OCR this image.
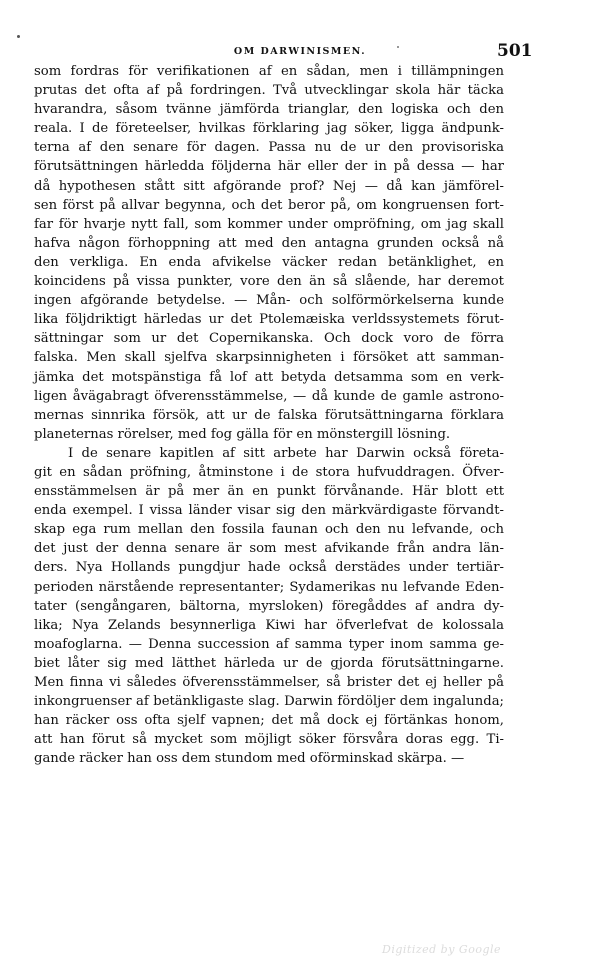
OM DARWINISMEN.	501
som fordras för verifikationen af en sådan, men i tillämpningen
prutas det ofta af på fordringen. Två utvecklingar skola här täcka
hvarandra, såsom tvänne jämförda trianglar, den logiska och den
reala. I de företeelser, hvilkas förklaring jag söker, ligga ändpunk-
terna af den senare för dagen. Passa nu de ur den provisoriska
förutsättningen härledda följderna här eller der in på dessa — har
då hypothesen stått sitt afgörande prof? Nej — då kan jämförel-
sen först på allvar begynna, och det beror på, om kongruensen fort-
far för hvarje nytt fall, som kommer under ompröfning, om jag skall
hafva någon förhoppning att med den antagna grunden också nå
den verkliga. En enda afvikelse väcker redan betänklighet, en
koincidens på vissa punkter, vore den än så slående, har deremot
ingen afgörande betydelse. — Mån- och solförmörkelserna kunde
lika följdriktigt härledas ur det Ptolemæiska verldssystemets förut-
sättningar som ur det Copernikanska. Och dock voro de förra
falska. Men skall sjelfva skarpsinnigheten i försöket att samman-
jämka det motspänstiga få lof att betyda detsamma som en verk-
ligen åvägabragt öfverensstämmelse, — då kunde de gamle astrono-
mernas sinnrika försök, att ur de falska förutsättningarna förklara
planeternas rörelser, med fog gälla för en mönstergill lösning.
I de senare kapitlen af sitt arbete har Darwin också företa-
git en sådan pröfning, åtminstone i de stora hufvuddragen. Öfver-
ensstämmelsen är på mer än en punkt förvånande. Här blott ett
enda exempel. I vissa länder visar sig den märkvärdigaste förvandt-
skap ega rum mellan den fossila faunan och den nu lefvande, och
det just der denna senare är som mest afvikande från andra län-
ders. Nya Hollands pungdjur hade också derstädes under tertiär-
perioden närstående representanter; Sydamerikas nu lefvande Eden-
tater (sengångaren, bältorna, myrsloken) föregåddes af andra dy-
lika; Nya Zelands besynnerliga Kiwi har öfverlefvat de kolossala
moafoglarna. — Denna succession af samma typer inom samma ge-
biet låter sig med lätthet härleda ur de gjorda förutsättningarne.
Men finna vi således öfverensstämmelser, så brister det ej heller på
inkongruenser af betänkligaste slag. Darwin fördöljer dem ingalunda;
han räcker oss ofta sjelf vapnen; det må dock ej förtänkas honom,
att han förut så mycket som möjligt söker försvåra doras egg. Ti-
gande räcker han oss dem stundom med oförminskad skärpa. —
Digitized by Google
